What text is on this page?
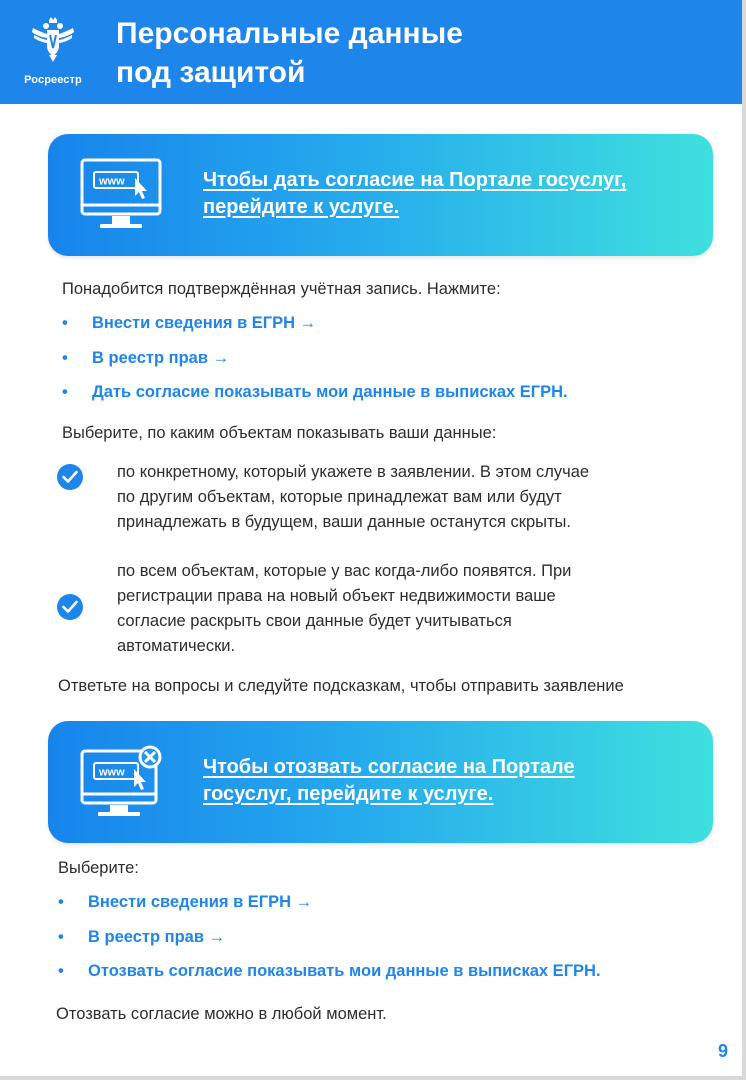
Росреестр
Персональные данные
под защитой
www	Чтобы дать согласие на Портале госуслуг,
перейдите к услуге.
Понадобится подтверждённая учётная запись. Нажмите:
• Внести сведения в ЕГРН →
• В реестр прав →
• Дать согласие показывать мои данные в выписках ЕГРН.
Выберите, по каким объектам показывать ваши данные:
по конкретному, который укажете в заявлении. В этом случае
по другим объектам, которые принадлежат вам или будут
принадлежать в будущем, ваши данные останутся скрыты.
по всем объектам, которые у вас когда-либо появятся. При
регистрации права на новый объект недвижимости ваше
согласие раскрыть свои данные будет учитываться
автоматически.
Ответьте на вопросы и следуйте подсказкам, чтобы отправить заявление
www	Чтобы отозвать согласие на Портале
госуслуг, перейдите к услуге.
Выберите:
• Внести сведения в ЕГРН →
• В реестр прав →
• Отозвать согласие показывать мои данные в выписках ЕГРН.
Отозвать согласие можно в любой момент.
9
